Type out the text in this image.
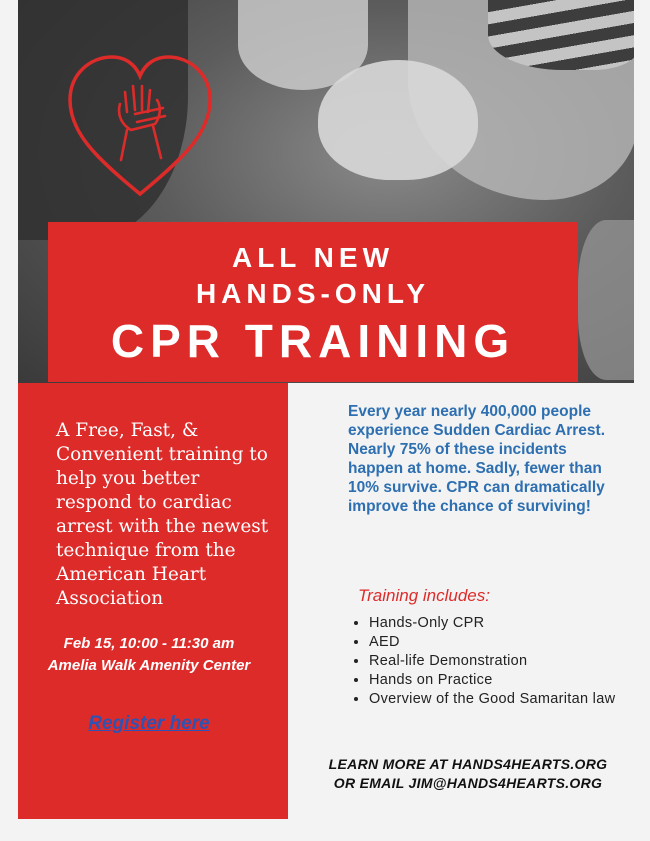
ALL NEW
HANDS-ONLY
CPR TRAINING
A Free, Fast, & Convenient training to help you better respond to cardiac arrest with the newest technique from the American Heart Association
Feb 15, 10:00 - 11:30 am
Amelia Walk Amenity Center
Register here
Every year nearly 400,000 people experience Sudden Cardiac Arrest. Nearly 75% of these incidents happen at home. Sadly, fewer than 10% survive. CPR can dramatically improve the chance of surviving!
Training includes:
• Hands-Only CPR
• AED
• Real-life Demonstration
• Hands on Practice
• Overview of the Good Samaritan law
LEARN MORE AT HANDS4HEARTS.ORG
OR EMAIL JIM@HANDS4HEARTS.ORG
